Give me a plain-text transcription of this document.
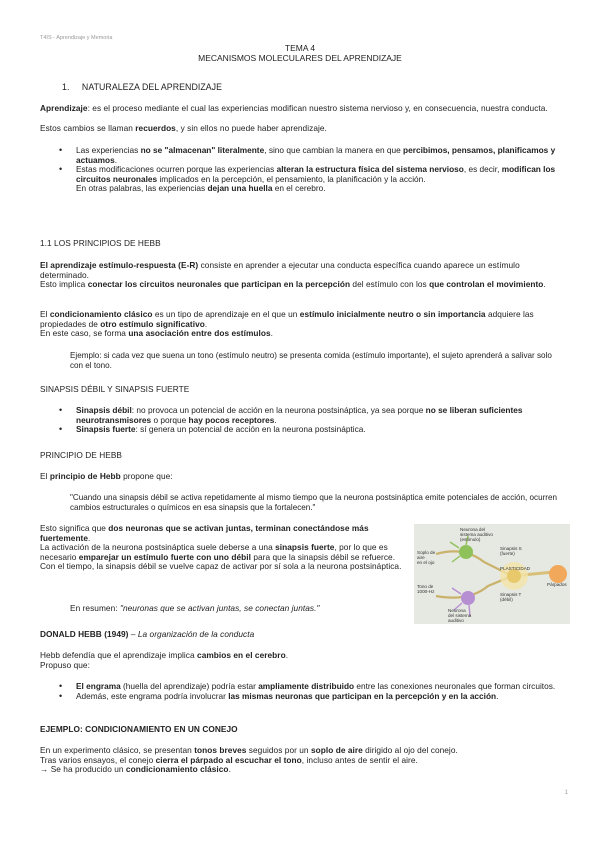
T4IS - Aprendizaje y Memoria
TEMA 4
MECANISMOS MOLECULARES DEL APRENDIZAJE
1. NATURALEZA DEL APRENDIZAJE
Aprendizaje: es el proceso mediante el cual las experiencias modifican nuestro sistema nervioso y, en consecuencia, nuestra conducta.
Estos cambios se llaman recuerdos, y sin ellos no puede haber aprendizaje.
• Las experiencias no se "almacenan" literalmente, sino que cambian la manera en que percibimos, pensamos, planificamos y actuamos.
• Estas modificaciones ocurren porque las experiencias alteran la estructura física del sistema nervioso, es decir, modifican los circuitos neuronales implicados en la percepción, el pensamiento, la planificación y la acción.
En otras palabras, las experiencias dejan una huella en el cerebro.
1.1 LOS PRINCIPIOS DE HEBB
El aprendizaje estímulo-respuesta (E-R) consiste en aprender a ejecutar una conducta específica cuando aparece un estímulo determinado.
Esto implica conectar los circuitos neuronales que participan en la percepción del estímulo con los que controlan el movimiento.
El condicionamiento clásico es un tipo de aprendizaje en el que un estímulo inicialmente neutro o sin importancia adquiere las propiedades de otro estímulo significativo.
En este caso, se forma una asociación entre dos estímulos.
Ejemplo: si cada vez que suena un tono (estímulo neutro) se presenta comida (estímulo importante), el sujeto aprenderá a salivar solo con el tono.
SINAPSIS DÉBIL Y SINAPSIS FUERTE
• Sinapsis débil: no provoca un potencial de acción en la neurona postsináptica, ya sea porque no se liberan suficientes neurotransmisores o porque hay pocos receptores.
• Sinapsis fuerte: sí genera un potencial de acción en la neurona postsináptica.
PRINCIPIO DE HEBB
El principio de Hebb propone que:
"Cuando una sinapsis débil se activa repetidamente al mismo tiempo que la neurona postsináptica emite potenciales de acción, ocurren cambios estructurales o químicos en esa sinapsis que la fortalecen."
Esto significa que dos neuronas que se activan juntas, terminan conectándose más fuertemente.
La activación de la neurona postsináptica suele deberse a una sinapsis fuerte, por lo que es necesario emparejar un estímulo fuerte con uno débil para que la sinapsis débil se refuerce.
Con el tiempo, la sinapsis débil se vuelve capaz de activar por sí sola a la neurona postsináptica.
En resumen: "neuronas que se activan juntas, se conectan juntas."
Neurona del
sistema auditivo
(estímulo)
Soplo de
aire
en el ojo
Sinapsis S
(fuerte)
PLASTICIDAD
Tono de
1000-Hz
Neurona
del sistema
auditivo
Sinapsis T
(débil)
Párpados
DONALD HEBB (1949) – La organización de la conducta
Hebb defendía que el aprendizaje implica cambios en el cerebro.
Propuso que:
• El engrama (huella del aprendizaje) podría estar ampliamente distribuido entre las conexiones neuronales que forman circuitos.
• Además, este engrama podría involucrar las mismas neuronas que participan en la percepción y en la acción.
EJEMPLO: CONDICIONAMIENTO EN UN CONEJO
En un experimento clásico, se presentan tonos breves seguidos por un soplo de aire dirigido al ojo del conejo.
Tras varios ensayos, el conejo cierra el párpado al escuchar el tono, incluso antes de sentir el aire.
→ Se ha producido un condicionamiento clásico.
1
